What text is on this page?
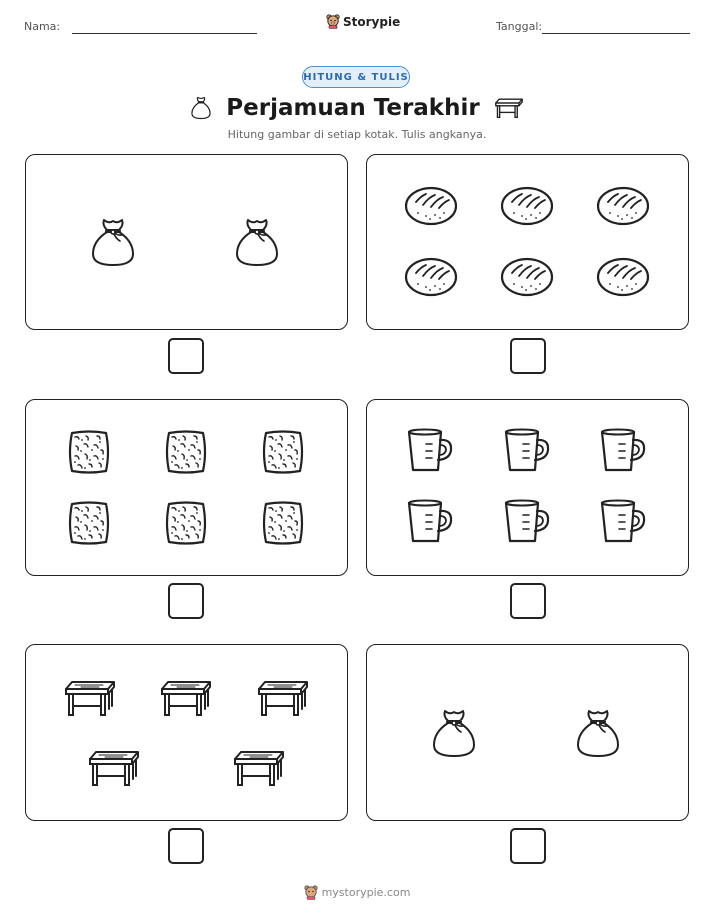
Nama:	Storypie	Tanggal:
HITUNG & TULIS
Perjamuan Terakhir
Hitung gambar di setiap kotak. Tulis angkanya.
mystorypie.com
